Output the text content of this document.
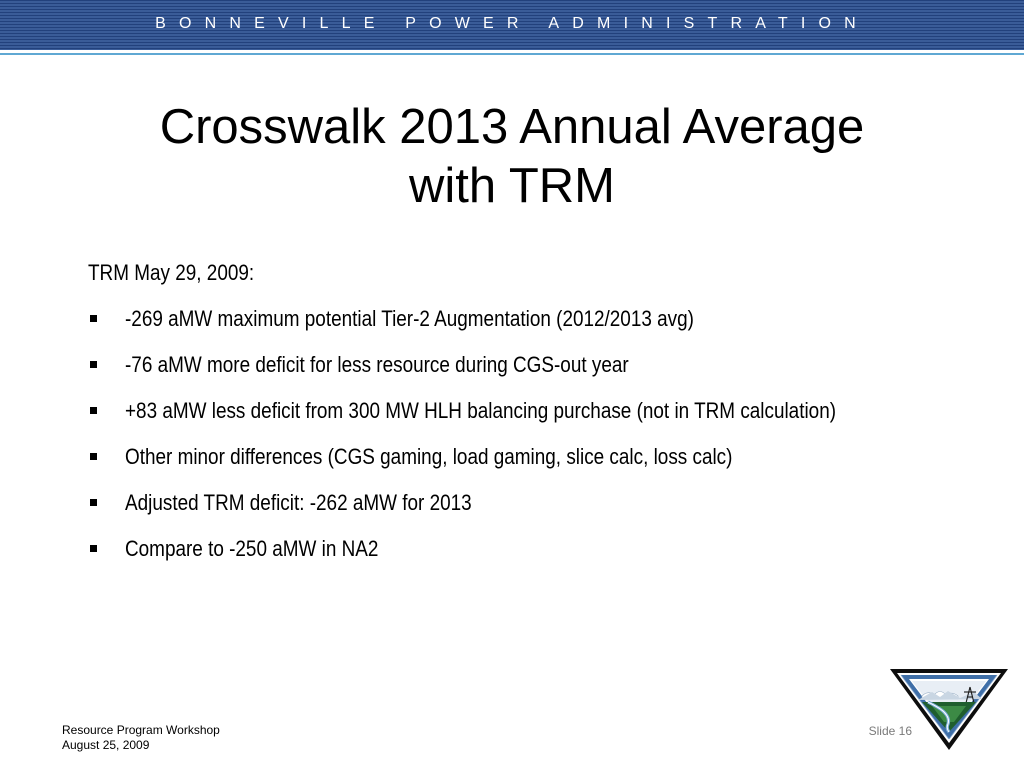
BONNEVILLE POWER ADMINISTRATION
Crosswalk 2013 Annual Average
with TRM
TRM May 29, 2009:
-269 aMW maximum potential Tier-2 Augmentation (2012/2013 avg)
-76 aMW more deficit for less resource during CGS-out year
+83 aMW less deficit from 300 MW HLH balancing purchase (not in TRM calculation)
Other minor differences (CGS gaming, load gaming, slice calc, loss calc)
Adjusted TRM deficit: -262 aMW for 2013
Compare to -250 aMW in NA2
Resource Program Workshop
August 25, 2009
Slide 16
